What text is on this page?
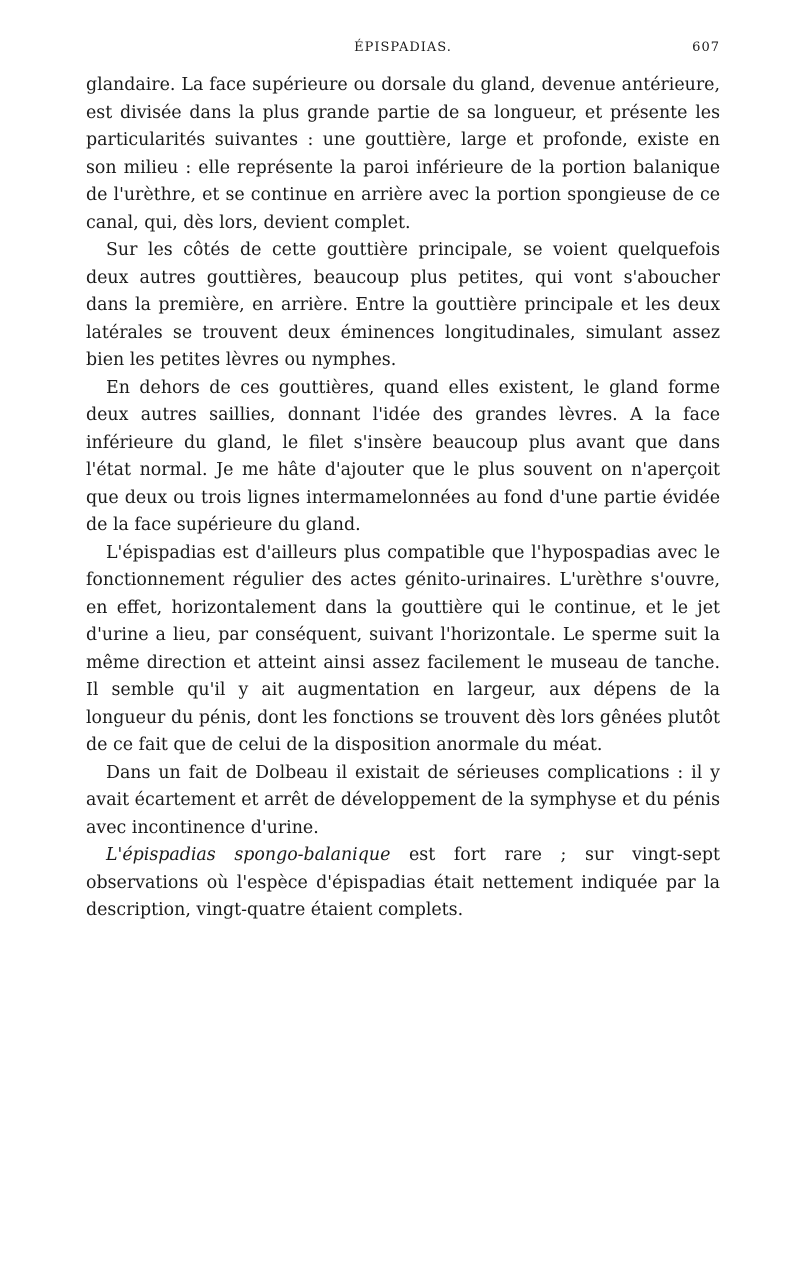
ÉPISPADIAS.	607

glandaire. La face supérieure ou dorsale du gland, devenue antérieure, est divisée dans la plus grande partie de sa longueur, et présente les particularités suivantes : une gouttière, large et profonde, existe en son milieu : elle représente la paroi inférieure de la portion balanique de l'urèthre, et se continue en arrière avec la portion spongieuse de ce canal, qui, dès lors, devient complet.

Sur les côtés de cette gouttière principale, se voient quelquefois deux autres gouttières, beaucoup plus petites, qui vont s'aboucher dans la première, en arrière. Entre la gouttière principale et les deux latérales se trouvent deux éminences longitudinales, simulant assez bien les petites lèvres ou nymphes.

En dehors de ces gouttières, quand elles existent, le gland forme deux autres saillies, donnant l'idée des grandes lèvres. A la face inférieure du gland, le filet s'insère beaucoup plus avant que dans l'état normal. Je me hâte d'ajouter que le plus souvent on n'aperçoit que deux ou trois lignes intermamelonnées au fond d'une partie évidée de la face supérieure du gland.

L'épispadias est d'ailleurs plus compatible que l'hypospadias avec le fonctionnement régulier des actes génito-urinaires. L'urèthre s'ouvre, en effet, horizontalement dans la gouttière qui le continue, et le jet d'urine a lieu, par conséquent, suivant l'horizontale. Le sperme suit la même direction et atteint ainsi assez facilement le museau de tanche. Il semble qu'il y ait augmentation en largeur, aux dépens de la longueur du pénis, dont les fonctions se trouvent dès lors gênées plutôt de ce fait que de celui de la disposition anormale du méat.

Dans un fait de Dolbeau il existait de sérieuses complications : il y avait écartement et arrêt de développement de la symphyse et du pénis avec incontinence d'urine.

L'épispadias spongo-balanique est fort rare ; sur vingt-sept observations où l'espèce d'épispadias était nettement indiquée par la description, vingt-quatre étaient complets.
